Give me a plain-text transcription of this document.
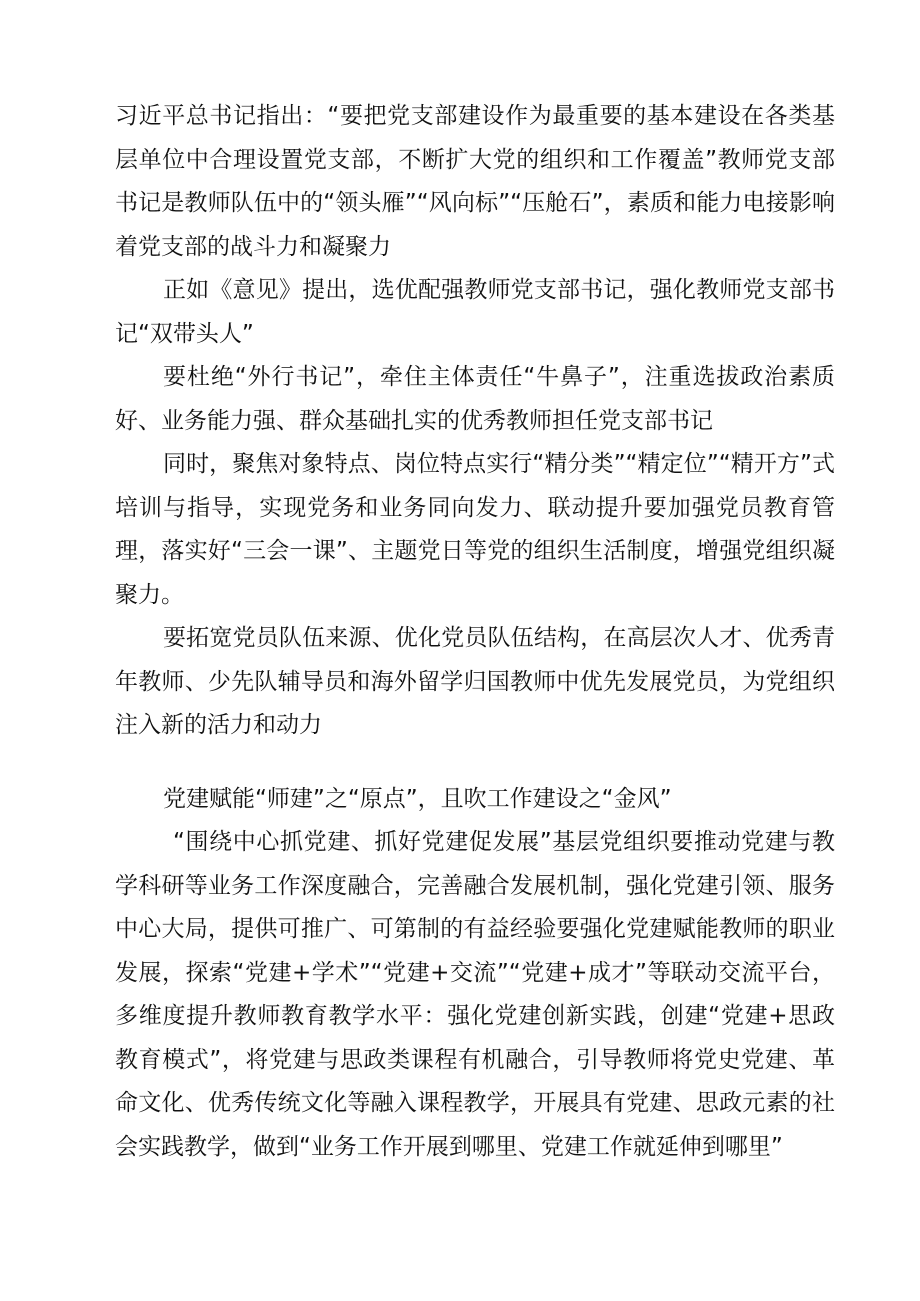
习近平总书记指出：“要把党支部建设作为最重要的基本建设在各类基层单位中合理设置党支部，不断扩大党的组织和工作覆盖”教师党支部书记是教师队伍中的“领头雁”“风向标”“压舱石”，素质和能力电接影响着党支部的战斗力和凝聚力

正如《意见》提出，选优配强教师党支部书记，强化教师党支部书记“双带头人”

要杜绝“外行书记”，牵住主体责任“牛鼻子”，注重选拔政治素质好、业务能力强、群众基础扎实的优秀教师担任党支部书记

同时，聚焦对象特点、岗位特点实行“精分类”“精定位”“精开方”式培训与指导，实现党务和业务同向发力、联动提升要加强党员教育管理，落实好“三会一课”、主题党日等党的组织生活制度，增强党组织凝聚力。

要拓宽党员队伍来源、优化党员队伍结构，在高层次人才、优秀青年教师、少先队辅导员和海外留学归国教师中优先发展党员，为党组织注入新的活力和动力

党建赋能“师建”之“原点”，且吹工作建设之“金风”

“围绕中心抓党建、抓好党建促发展”基层党组织要推动党建与教学科研等业务工作深度融合，完善融合发展机制，强化党建引领、服务中心大局，提供可推广、可第制的有益经验要强化党建赋能教师的职业发展，探索“党建+学术”“党建+交流”“党建+成才”等联动交流平台，多维度提升教师教育教学水平：强化党建创新实践，创建“党建+思政教育模式”，将党建与思政类课程有机融合，引导教师将党史党建、革命文化、优秀传统文化等融入课程教学，开展具有党建、思政元素的社会实践教学，做到“业务工作开展到哪里、党建工作就延伸到哪里”
